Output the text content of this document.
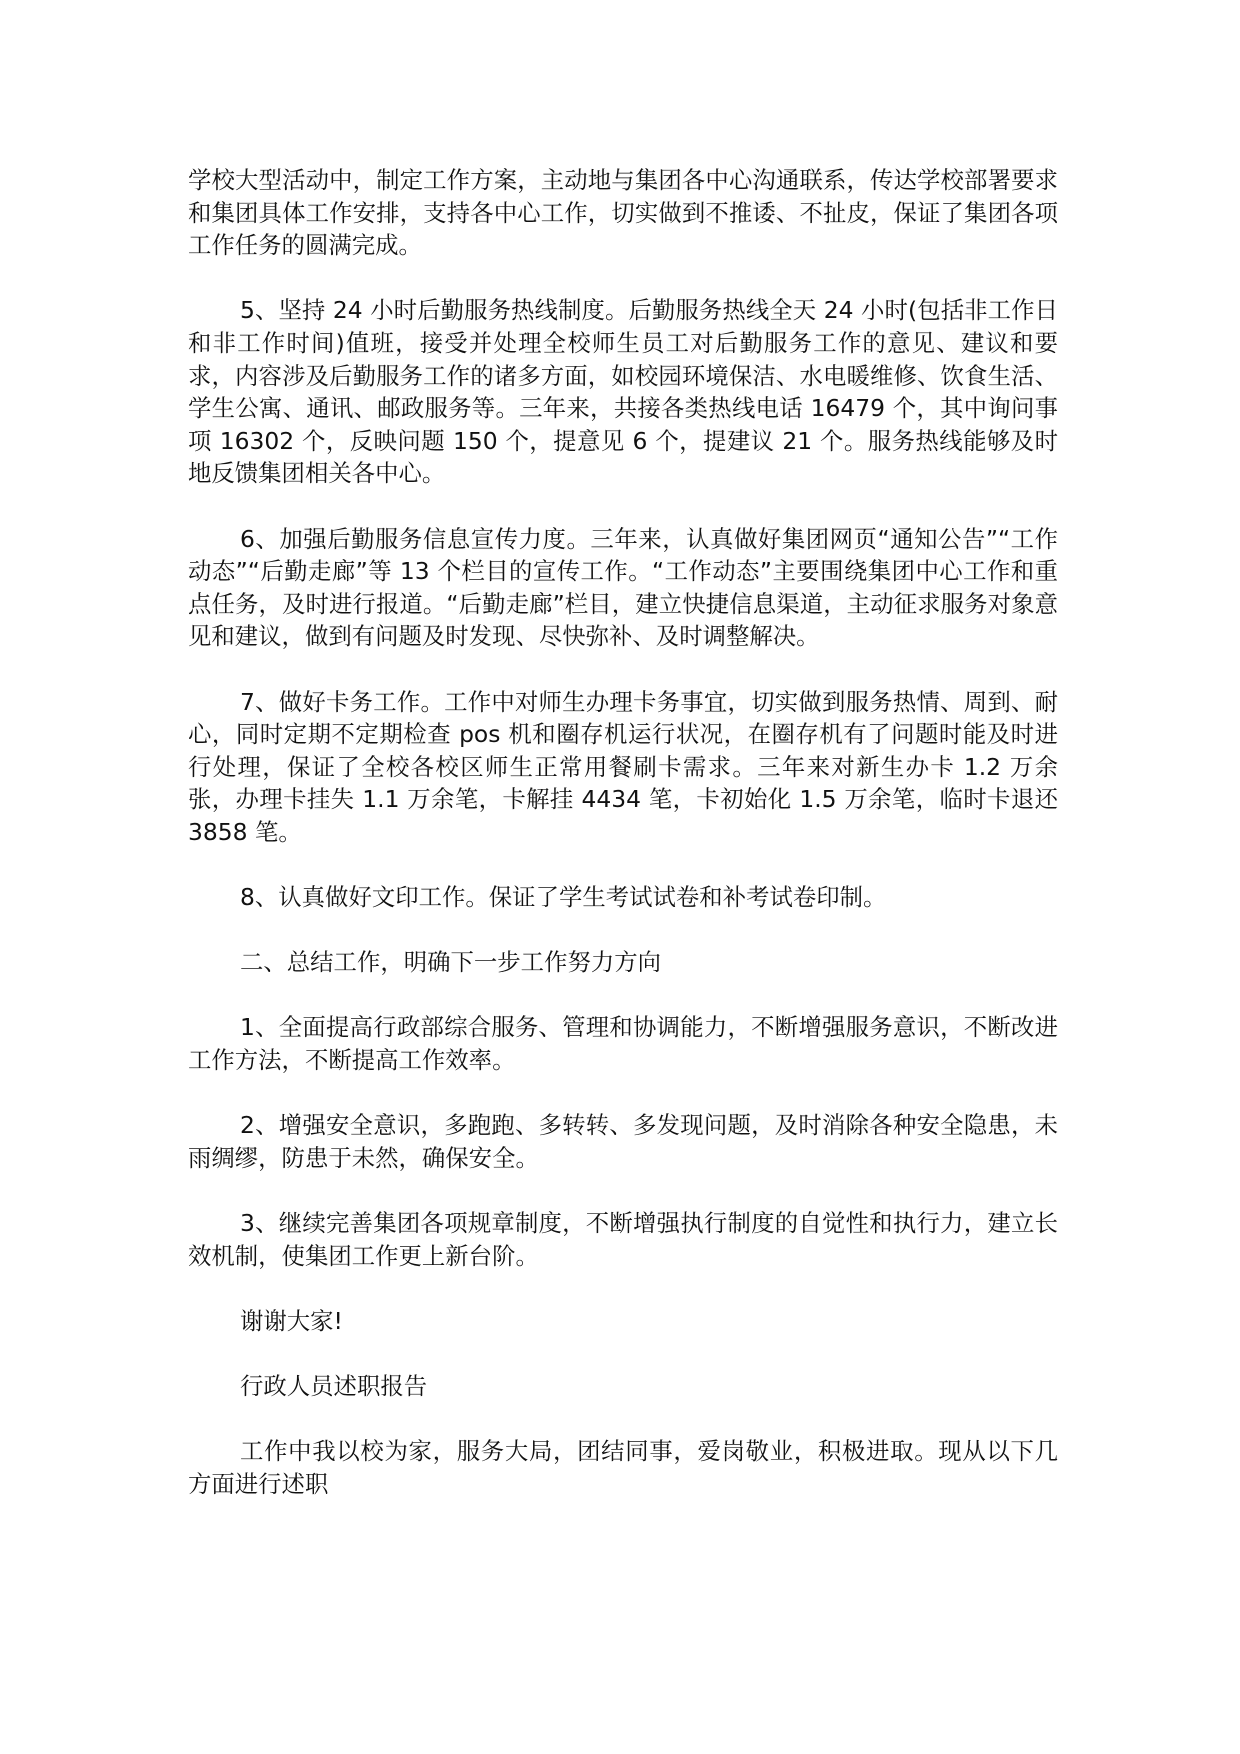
学校大型活动中，制定工作方案，主动地与集团各中心沟通联系，传达学校部署要求和集团具体工作安排，支持各中心工作，切实做到不推诿、不扯皮，保证了集团各项工作任务的圆满完成。

5、坚持 24 小时后勤服务热线制度。后勤服务热线全天 24 小时(包括非工作日和非工作时间)值班，接受并处理全校师生员工对后勤服务工作的意见、建议和要求，内容涉及后勤服务工作的诸多方面，如校园环境保洁、水电暖维修、饮食生活、学生公寓、通讯、邮政服务等。三年来，共接各类热线电话 16479 个，其中询问事项 16302 个，反映问题 150 个，提意见 6 个，提建议 21 个。服务热线能够及时地反馈集团相关各中心。

6、加强后勤服务信息宣传力度。三年来，认真做好集团网页“通知公告”“工作动态”“后勤走廊”等 13 个栏目的宣传工作。“工作动态”主要围绕集团中心工作和重点任务，及时进行报道。“后勤走廊”栏目，建立快捷信息渠道，主动征求服务对象意见和建议，做到有问题及时发现、尽快弥补、及时调整解决。

7、做好卡务工作。工作中对师生办理卡务事宜，切实做到服务热情、周到、耐心，同时定期不定期检查 pos 机和圈存机运行状况，在圈存机有了问题时能及时进行处理，保证了全校各校区师生正常用餐刷卡需求。三年来对新生办卡 1.2 万余张，办理卡挂失 1.1 万余笔，卡解挂 4434 笔，卡初始化 1.5 万余笔，临时卡退还 3858 笔。

8、认真做好文印工作。保证了学生考试试卷和补考试卷印制。

二、总结工作，明确下一步工作努力方向

1、全面提高行政部综合服务、管理和协调能力，不断增强服务意识，不断改进工作方法，不断提高工作效率。

2、增强安全意识，多跑跑、多转转、多发现问题，及时消除各种安全隐患，未雨绸缪，防患于未然，确保安全。

3、继续完善集团各项规章制度，不断增强执行制度的自觉性和执行力，建立长效机制，使集团工作更上新台阶。

谢谢大家!

行政人员述职报告

工作中我以校为家，服务大局，团结同事，爱岗敬业，积极进取。现从以下几方面进行述职
